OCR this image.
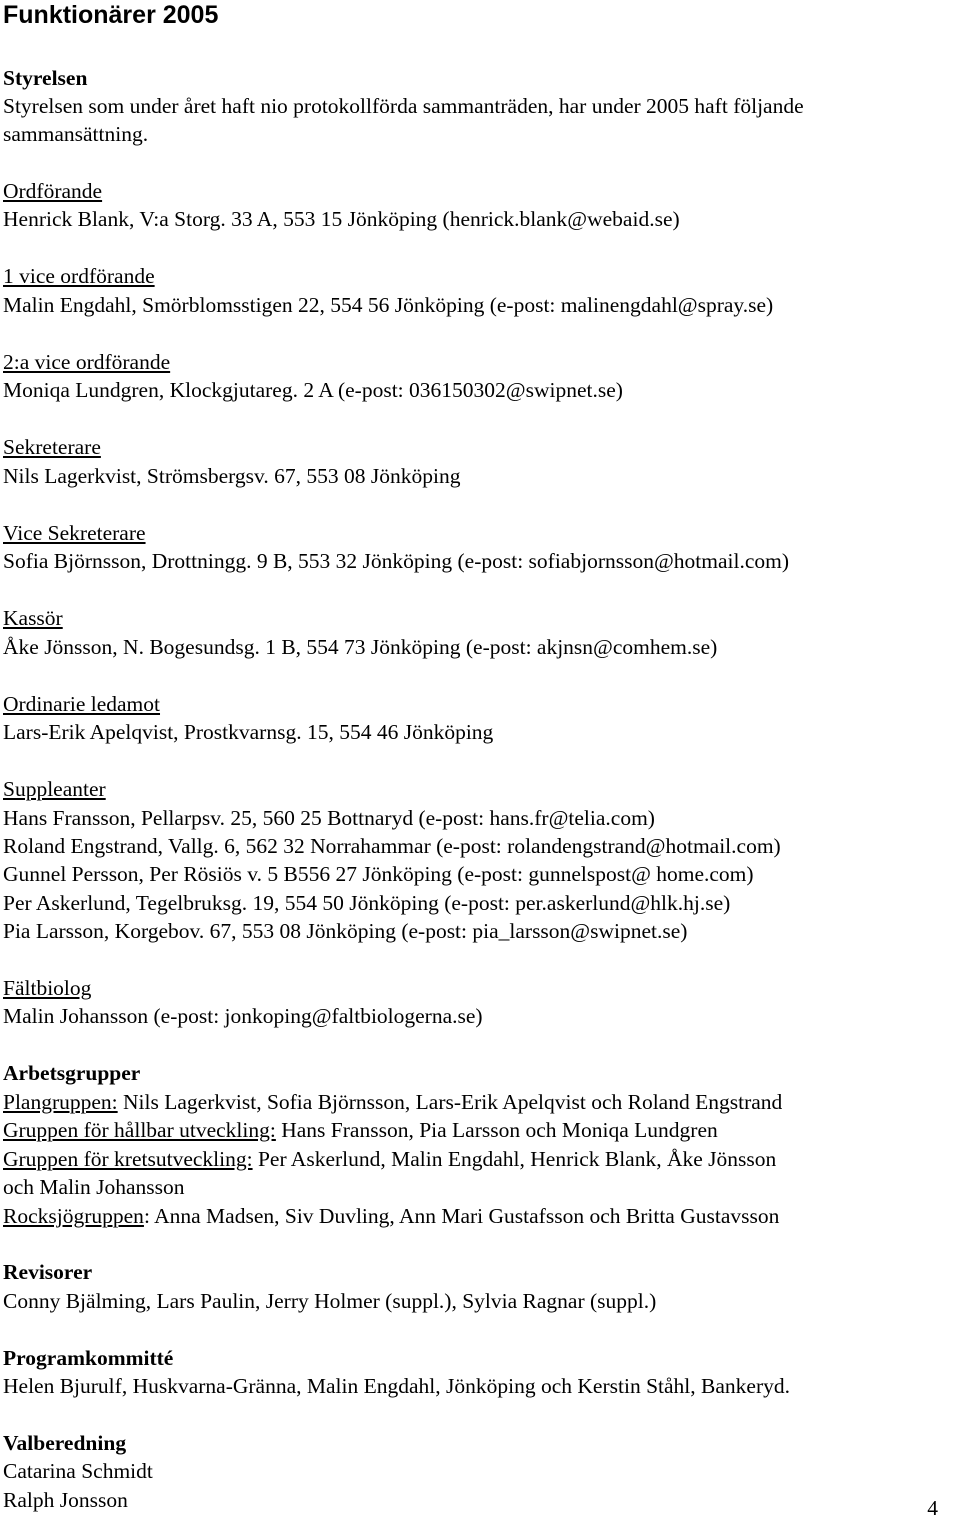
Funktionärer 2005
Styrelsen
Styrelsen som under året haft nio protokollförda sammanträden, har under 2005 haft följande
sammansättning.
Ordförande
Henrick Blank, V:a Storg. 33 A, 553 15 Jönköping (henrick.blank@webaid.se)
1 vice ordförande
Malin Engdahl, Smörblomsstigen 22, 554 56 Jönköping (e-post: malinengdahl@spray.se)
2:a vice ordförande
Moniqa Lundgren, Klockgjutareg. 2 A (e-post: 036150302@swipnet.se)
Sekreterare
Nils Lagerkvist, Strömsbergsv. 67, 553 08 Jönköping
Vice Sekreterare
Sofia Björnsson, Drottningg. 9 B, 553 32 Jönköping (e-post: sofiabjornsson@hotmail.com)
Kassör
Åke Jönsson, N. Bogesundsg. 1 B, 554 73 Jönköping (e-post: akjnsn@comhem.se)
Ordinarie ledamot
Lars-Erik Apelqvist, Prostkvarnsg. 15, 554 46 Jönköping
Suppleanter
Hans Fransson, Pellarpsv. 25, 560 25 Bottnaryd (e-post: hans.fr@telia.com)
Roland Engstrand, Vallg. 6, 562 32 Norrahammar (e-post: rolandengstrand@hotmail.com)
Gunnel Persson, Per Rösiös v. 5 B556 27 Jönköping (e-post: gunnelspost@ home.com)
Per Askerlund, Tegelbruksg. 19, 554 50 Jönköping (e-post: per.askerlund@hlk.hj.se)
Pia Larsson, Korgebov. 67, 553 08 Jönköping (e-post: pia_larsson@swipnet.se)
Fältbiolog
Malin Johansson (e-post: jonkoping@faltbiologerna.se)
Arbetsgrupper
Plangruppen: Nils Lagerkvist, Sofia Björnsson, Lars-Erik Apelqvist och Roland Engstrand
Gruppen för hållbar utveckling: Hans Fransson, Pia Larsson och Moniqa Lundgren
Gruppen för kretsutveckling: Per Askerlund, Malin Engdahl, Henrick Blank, Åke Jönsson
och Malin Johansson
Rocksjögruppen: Anna Madsen, Siv Duvling, Ann Mari Gustafsson och Britta Gustavsson
Revisorer
Conny Bjälming, Lars Paulin, Jerry Holmer (suppl.), Sylvia Ragnar (suppl.)
Programkommitté
Helen Bjurulf, Huskvarna-Gränna, Malin Engdahl, Jönköping och Kerstin Ståhl, Bankeryd.
Valberedning
Catarina Schmidt
Ralph Jonsson	4
